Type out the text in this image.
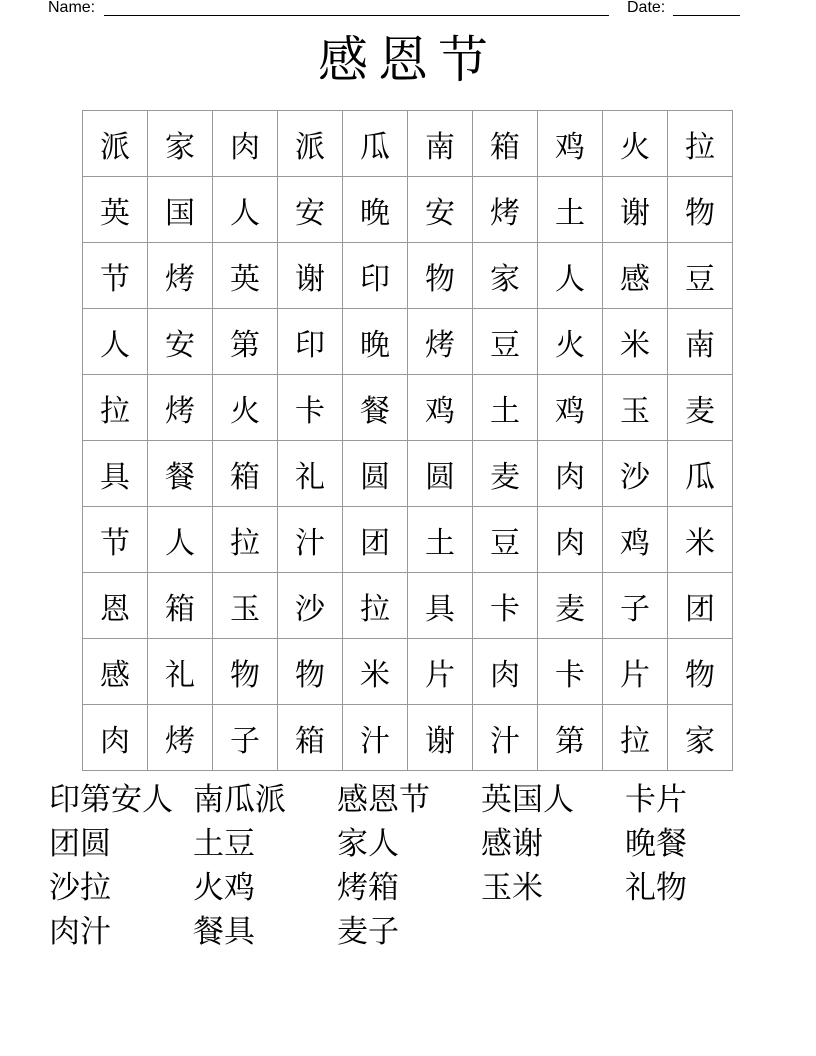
Name:	Date:
感恩节
派	家	肉	派	瓜	南	箱	鸡	火	拉
英	国	人	安	晚	安	烤	土	谢	物
节	烤	英	谢	印	物	家	人	感	豆
人	安	第	印	晚	烤	豆	火	米	南
拉	烤	火	卡	餐	鸡	土	鸡	玉	麦
具	餐	箱	礼	圆	圆	麦	肉	沙	瓜
节	人	拉	汁	团	土	豆	肉	鸡	米
恩	箱	玉	沙	拉	具	卡	麦	子	团
感	礼	物	物	米	片	肉	卡	片	物
肉	烤	子	箱	汁	谢	汁	第	拉	家
印第安人 南瓜派 感恩节 英国人 卡片
团圆	土豆	家人	感谢	晚餐
沙拉	火鸡	烤箱	玉米	礼物
肉汁	餐具	麦子
